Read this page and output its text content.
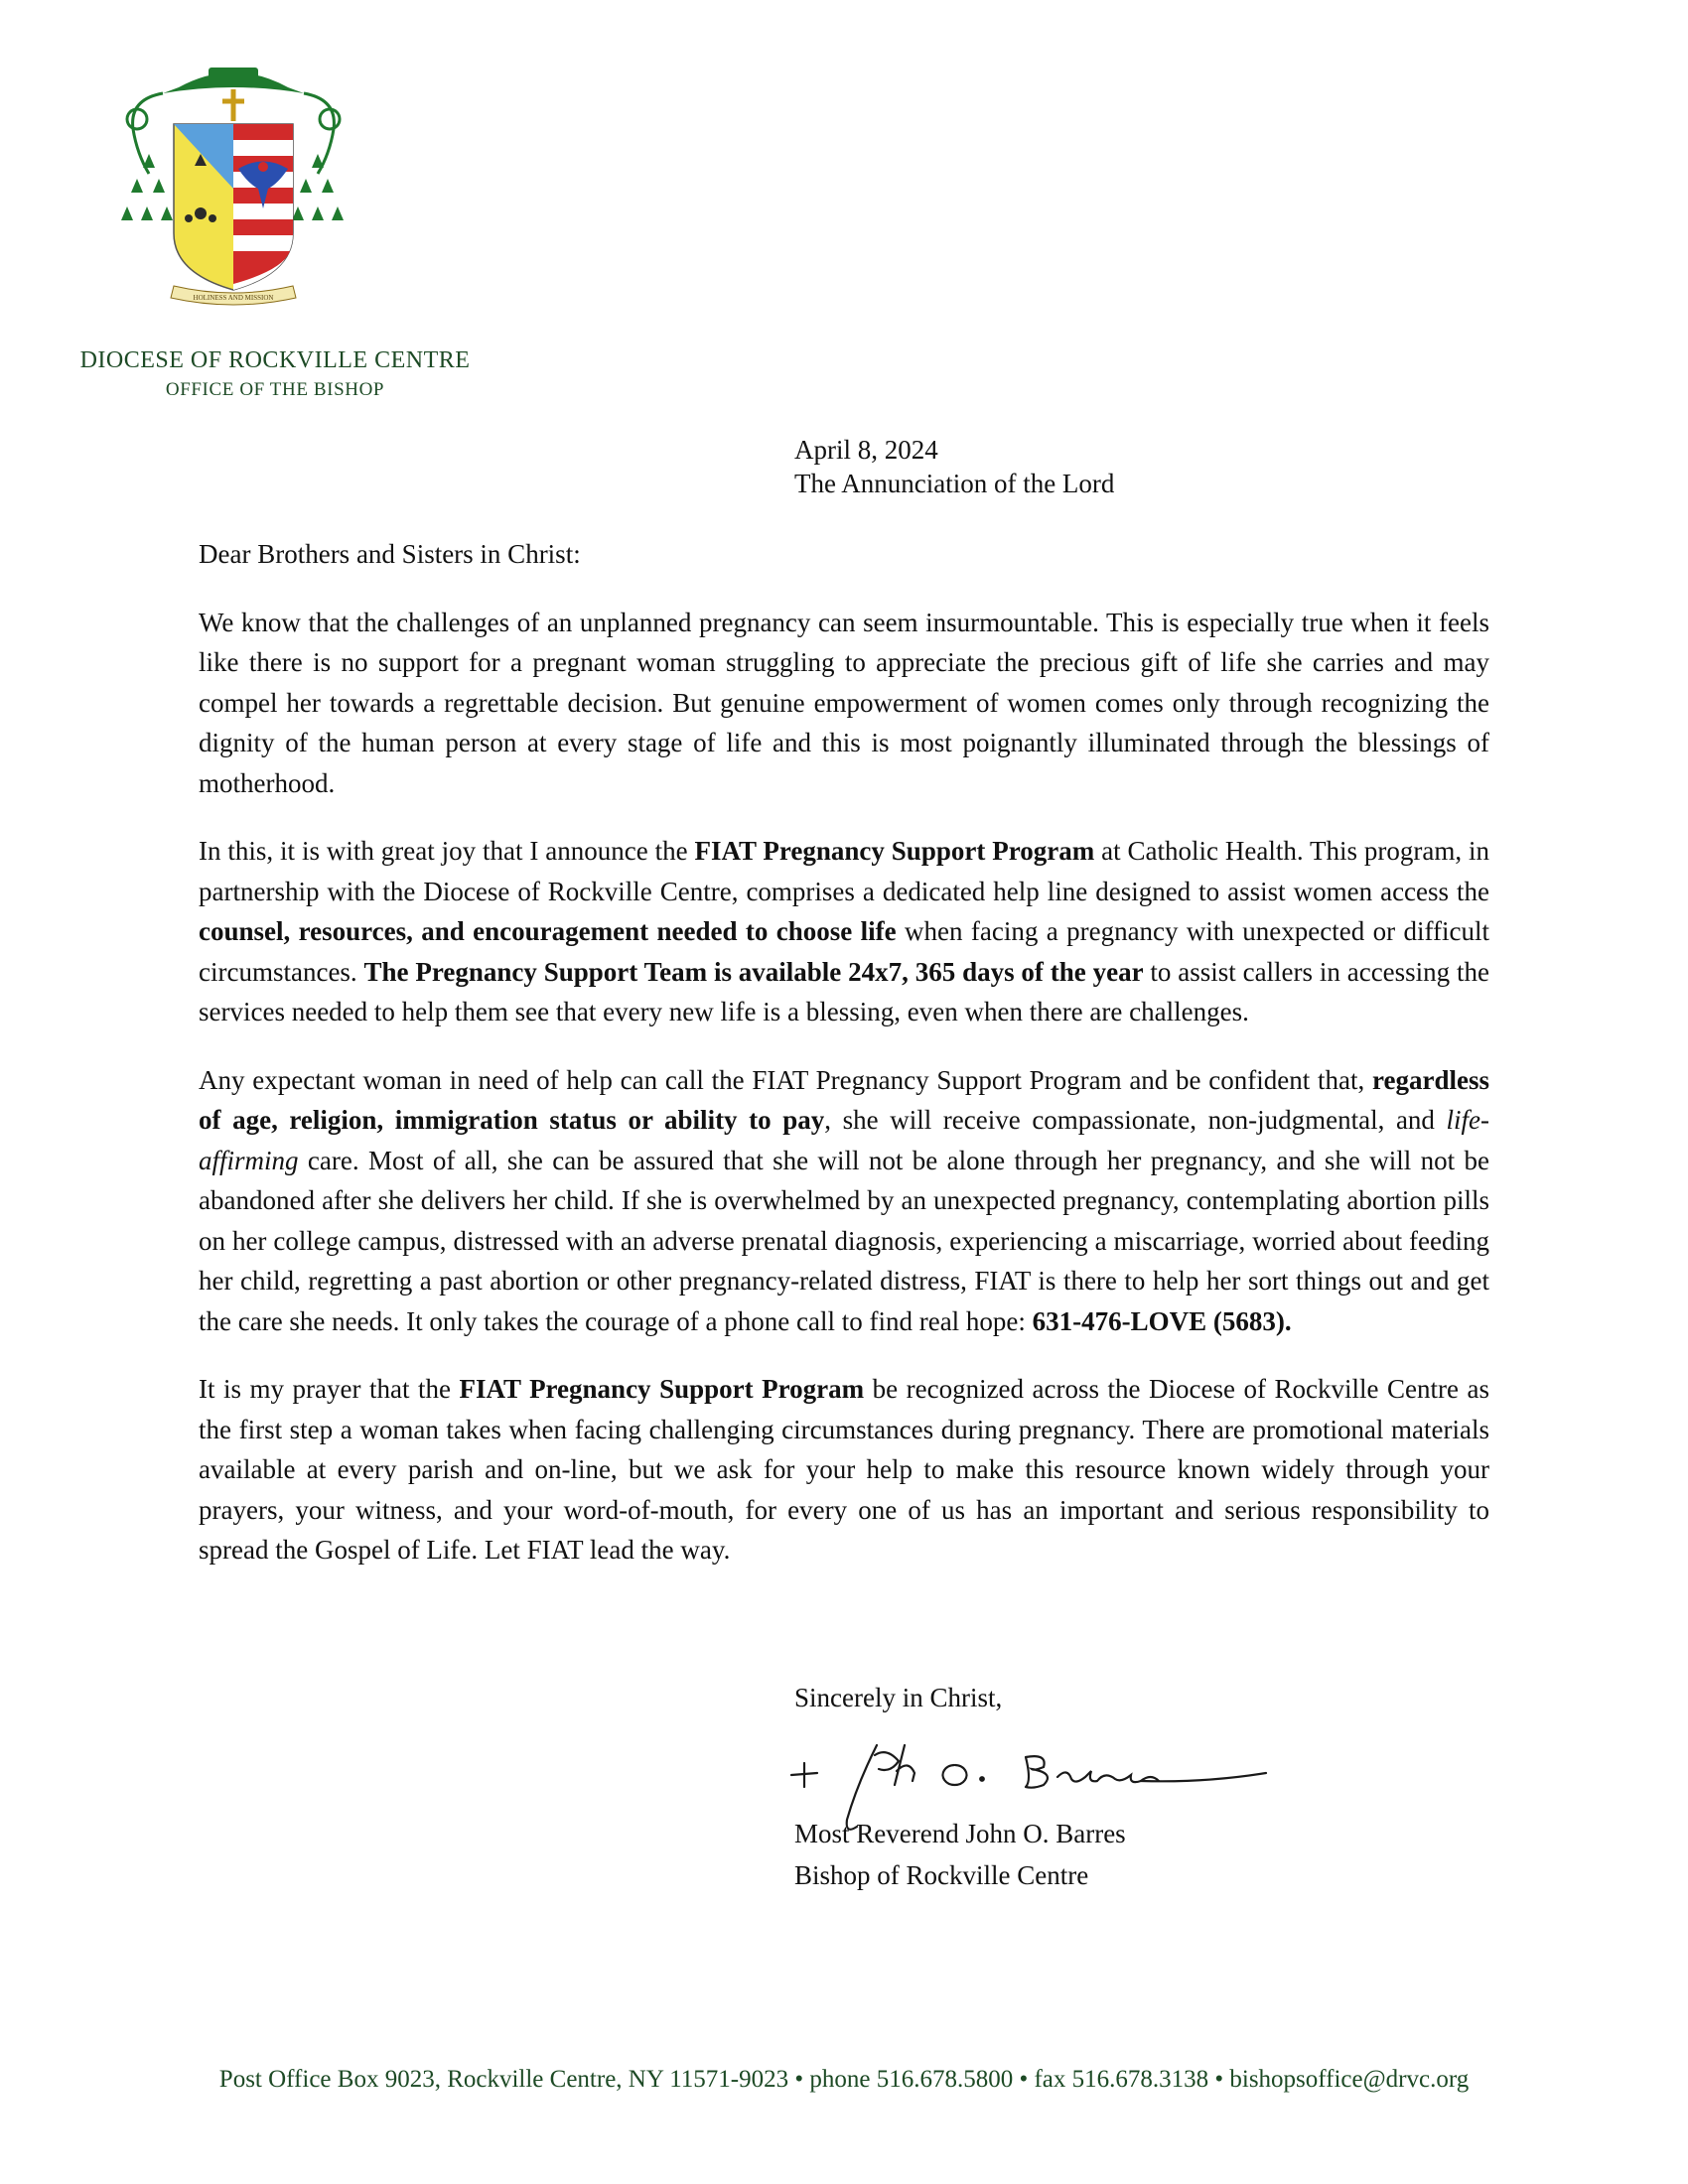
HOLINESS AND MISSION
DIOCESE OF ROCKVILLE CENTRE
OFFICE OF THE BISHOP
April 8, 2024
The Annunciation of the Lord

Dear Brothers and Sisters in Christ:

We know that the challenges of an unplanned pregnancy can seem insurmountable. This is especially true when it feels like there is no support for a pregnant woman struggling to appreciate the precious gift of life she carries and may compel her towards a regrettable decision. But genuine empowerment of women comes only through recognizing the dignity of the human person at every stage of life and this is most poignantly illuminated through the blessings of motherhood.

In this, it is with great joy that I announce the FIAT Pregnancy Support Program at Catholic Health. This program, in partnership with the Diocese of Rockville Centre, comprises a dedicated help line designed to assist women access the counsel, resources, and encouragement needed to choose life when facing a pregnancy with unexpected or difficult circumstances. The Pregnancy Support Team is available 24x7, 365 days of the year to assist callers in accessing the services needed to help them see that every new life is a blessing, even when there are challenges.

Any expectant woman in need of help can call the FIAT Pregnancy Support Program and be confident that, regardless of age, religion, immigration status or ability to pay, she will receive compassionate, non-judgmental, and life-affirming care. Most of all, she can be assured that she will not be alone through her pregnancy, and she will not be abandoned after she delivers her child. If she is overwhelmed by an unexpected pregnancy, contemplating abortion pills on her college campus, distressed with an adverse prenatal diagnosis, experiencing a miscarriage, worried about feeding her child, regretting a past abortion or other pregnancy-related distress, FIAT is there to help her sort things out and get the care she needs. It only takes the courage of a phone call to find real hope: 631-476-LOVE (5683).

It is my prayer that the FIAT Pregnancy Support Program be recognized across the Diocese of Rockville Centre as the first step a woman takes when facing challenging circumstances during pregnancy. There are promotional materials available at every parish and on-line, but we ask for your help to make this resource known widely through your prayers, your witness, and your word-of-mouth, for every one of us has an important and serious responsibility to spread the Gospel of Life. Let FIAT lead the way.

Sincerely in Christ,
Most Reverend John O. Barres
Bishop of Rockville Centre
Post Office Box 9023, Rockville Centre, NY 11571-9023 • phone 516.678.5800 • fax 516.678.3138 • bishopsoffice@drvc.org
